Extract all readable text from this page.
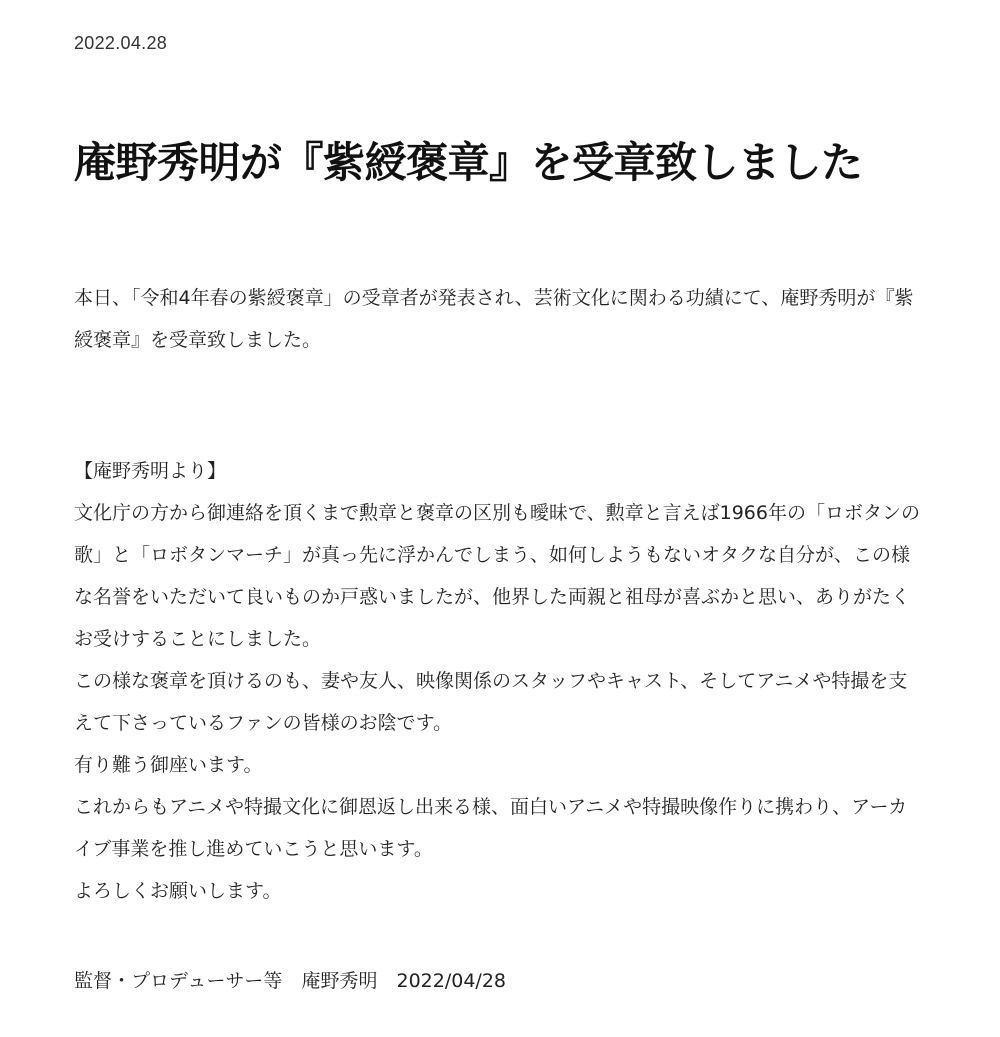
2022.04.28
庵野秀明が『紫綬褒章』を受章致しました

本日、「令和4年春の紫綬褒章」の受章者が発表され、芸術文化に関わる功績にて、庵野秀明が『紫綬褒章』を受章致しました。

【庵野秀明より】
文化庁の方から御連絡を頂くまで勲章と褒章の区別も曖昧で、勲章と言えば1966年の「ロボタンの歌」と「ロボタンマーチ」が真っ先に浮かんでしまう、如何しようもないオタクな自分が、この様な名誉をいただいて良いものか戸惑いましたが、他界した両親と祖母が喜ぶかと思い、ありがたくお受けすることにしました。
この様な褒章を頂けるのも、妻や友人、映像関係のスタッフやキャスト、そしてアニメや特撮を支えて下さっているファンの皆様のお陰です。
有り難う御座います。
これからもアニメや特撮文化に御恩返し出来る様、面白いアニメや特撮映像作りに携わり、アーカイブ事業を推し進めていこうと思います。
よろしくお願いします。
監督・プロデューサー等　 庵野秀明　 2022/04/28
